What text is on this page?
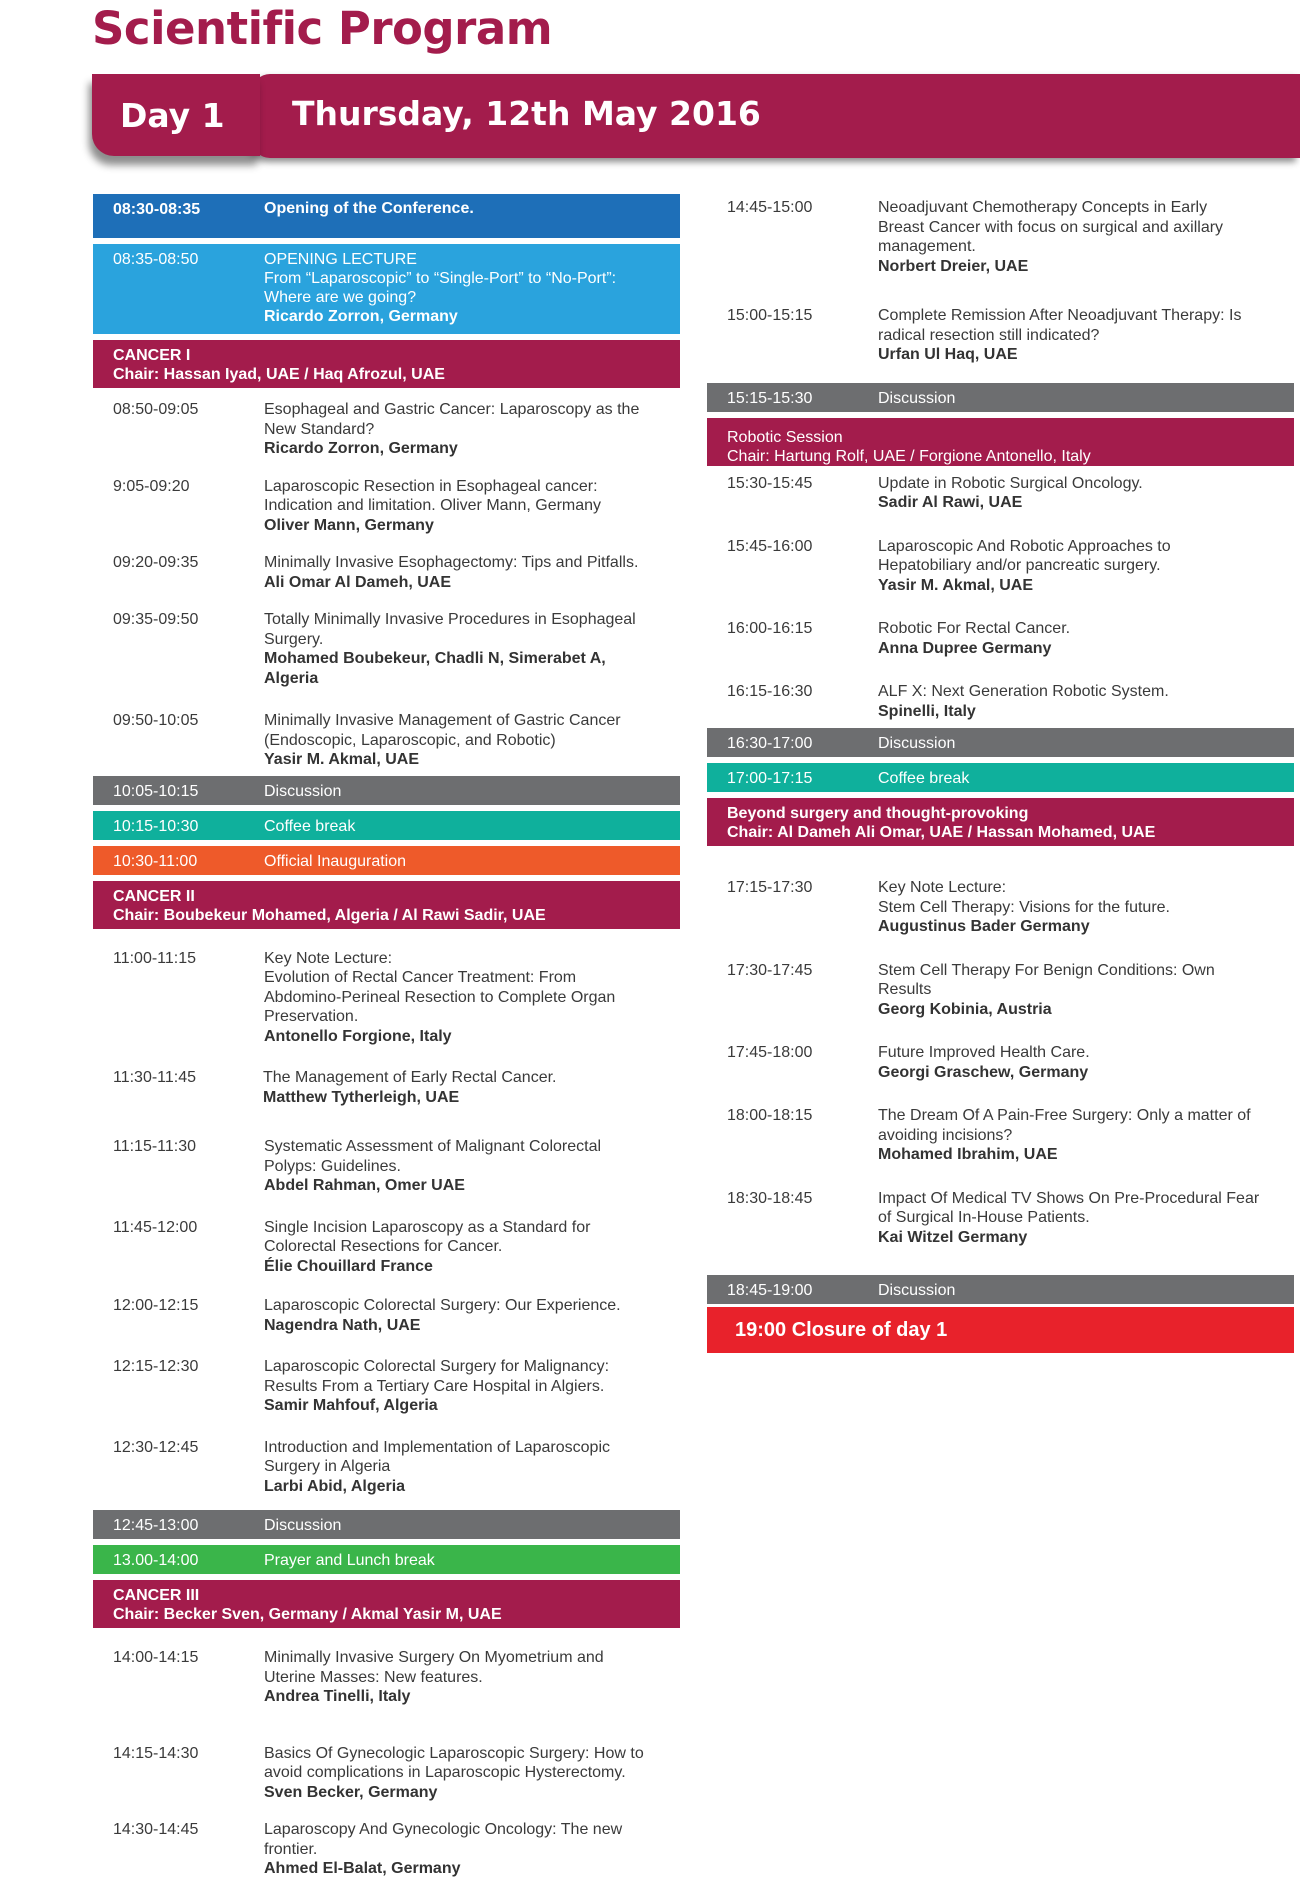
Scientific Program
Day 1 Thursday, 12th May 2016
08:30-08:35	Opening of the Conference.
08:35-08:50	OPENING LECTURE
From “Laparoscopic” to “Single-Port” to “No-Port”:
Where are we going?
Ricardo Zorron, Germany
CANCER I
Chair: Hassan Iyad, UAE / Haq Afrozul, UAE
08:50-09:05	Esophageal and Gastric Cancer: Laparoscopy as the
New Standard?
Ricardo Zorron, Germany
9:05-09:20	Laparoscopic Resection in Esophageal cancer:
Indication and limitation. Oliver Mann, Germany
Oliver Mann, Germany
09:20-09:35	Minimally Invasive Esophagectomy: Tips and Pitfalls.
Ali Omar Al Dameh, UAE
09:35-09:50	Totally Minimally Invasive Procedures in Esophageal
Surgery.
Mohamed Boubekeur, Chadli N, Simerabet A,
Algeria
09:50-10:05	Minimally Invasive Management of Gastric Cancer
(Endoscopic, Laparoscopic, and Robotic)
Yasir M. Akmal, UAE
10:05-10:15	Discussion
10:15-10:30	Coffee break
10:30-11:00	Official Inauguration
CANCER II
Chair: Boubekeur Mohamed, Algeria / Al Rawi Sadir, UAE
11:00-11:15	Key Note Lecture:
Evolution of Rectal Cancer Treatment: From
Abdomino-Perineal Resection to Complete Organ
Preservation.
Antonello Forgione, Italy
11:30-11:45	The Management of Early Rectal Cancer.
Matthew Tytherleigh, UAE
11:15-11:30	Systematic Assessment of Malignant Colorectal
Polyps: Guidelines.
Abdel Rahman, Omer UAE
11:45-12:00	Single Incision Laparoscopy as a Standard for
Colorectal Resections for Cancer.
Élie Chouillard France
12:00-12:15	Laparoscopic Colorectal Surgery: Our Experience.
Nagendra Nath, UAE
12:15-12:30	Laparoscopic Colorectal Surgery for Malignancy:
Results From a Tertiary Care Hospital in Algiers.
Samir Mahfouf, Algeria
12:30-12:45	Introduction and Implementation of Laparoscopic
Surgery in Algeria
Larbi Abid, Algeria
12:45-13:00	Discussion
13.00-14:00	Prayer and Lunch break
CANCER III
Chair: Becker Sven, Germany / Akmal Yasir M, UAE
14:00-14:15	Minimally Invasive Surgery On Myometrium and
Uterine Masses: New features.
Andrea Tinelli, Italy
14:15-14:30	Basics Of Gynecologic Laparoscopic Surgery: How to
avoid complications in Laparoscopic Hysterectomy.
Sven Becker, Germany
14:30-14:45	Laparoscopy And Gynecologic Oncology: The new
frontier.
Ahmed El-Balat, Germany
14:45-15:00	Neoadjuvant Chemotherapy Concepts in Early
Breast Cancer with focus on surgical and axillary
management.
Norbert Dreier, UAE
15:00-15:15	Complete Remission After Neoadjuvant Therapy: Is
radical resection still indicated?
Urfan Ul Haq, UAE
15:15-15:30	Discussion
Robotic Session
Chair: Hartung Rolf, UAE / Forgione Antonello, Italy
15:30-15:45	Update in Robotic Surgical Oncology.
Sadir Al Rawi, UAE
15:45-16:00	Laparoscopic And Robotic Approaches to
Hepatobiliary and/or pancreatic surgery.
Yasir M. Akmal, UAE
16:00-16:15	Robotic For Rectal Cancer.
Anna Dupree Germany
16:15-16:30	ALF X: Next Generation Robotic System.
Spinelli, Italy
16:30-17:00	Discussion
17:00-17:15	Coffee break
Beyond surgery and thought-provoking
Chair: Al Dameh Ali Omar, UAE / Hassan Mohamed, UAE
17:15-17:30	Key Note Lecture:
Stem Cell Therapy: Visions for the future.
Augustinus Bader Germany
17:30-17:45	Stem Cell Therapy For Benign Conditions: Own
Results
Georg Kobinia, Austria
17:45-18:00	Future Improved Health Care.
Georgi Graschew, Germany
18:00-18:15	The Dream Of A Pain-Free Surgery: Only a matter of
avoiding incisions?
Mohamed Ibrahim, UAE
18:30-18:45	Impact Of Medical TV Shows On Pre-Procedural Fear
of Surgical In-House Patients.
Kai Witzel Germany
18:45-19:00	Discussion
19:00 Closure of day 1
